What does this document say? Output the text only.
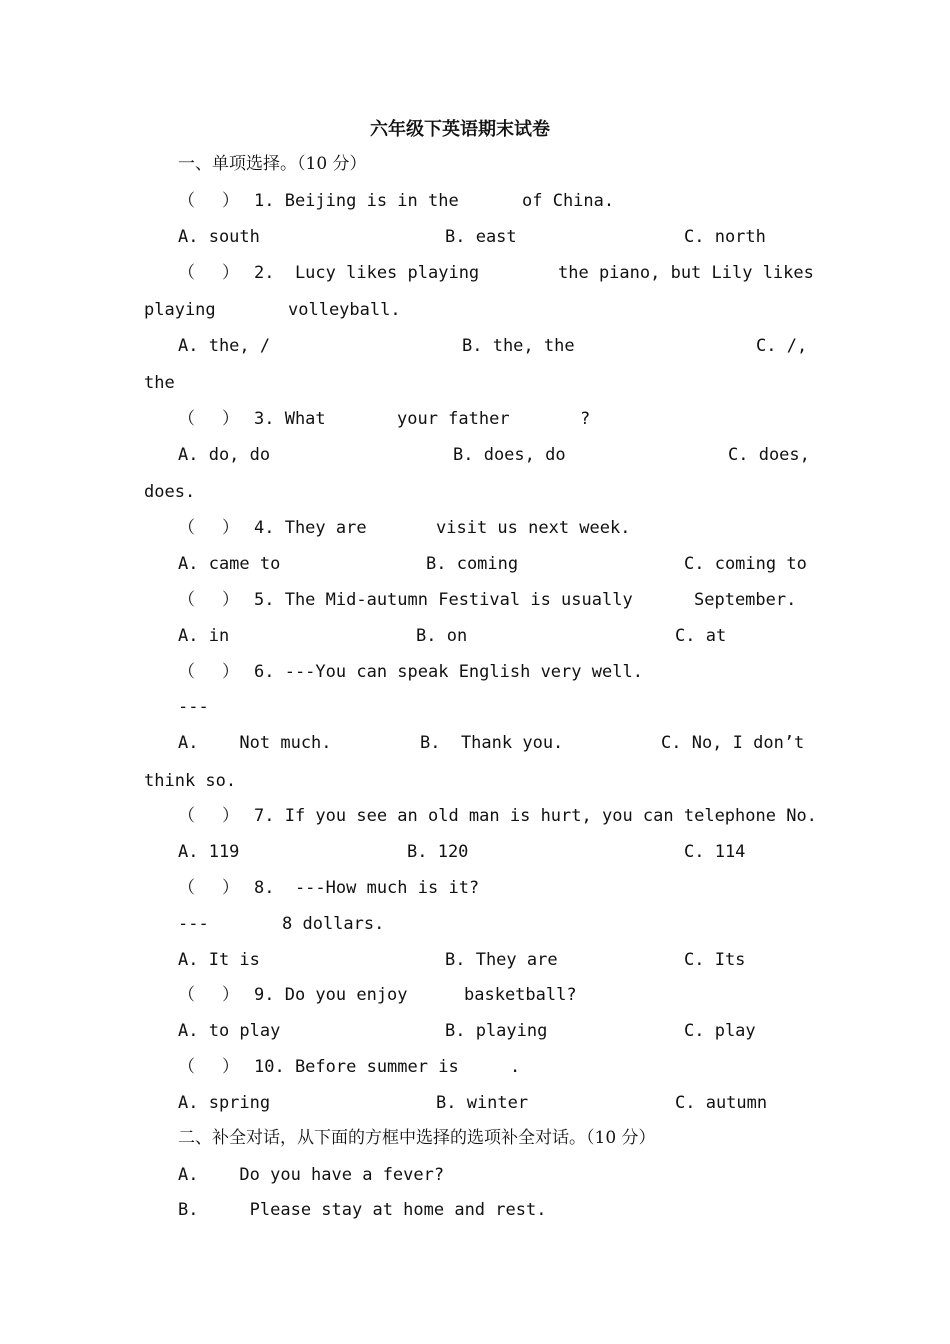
六年级下英语期末试卷
一、单项选择。（10 分）
（     ） 1. Beijing is in the	of China.
A. south	B. east	C. north
（     ） 2.  Lucy likes playing	the piano, but Lily likes
playing	volleyball.
A. the, /	B. the, the	C. /,
the
（     ） 3. What	your father	?
A. do, do	B. does, do	C. does,
does.
（     ） 4. They are	visit us next week.
A. came to	B. coming	C. coming to
（     ） 5. The Mid-autumn Festival is usually	September.
A. in	B. on	C. at
（     ） 6. ---You can speak English very well.
---
A.    Not much.	B.  Thank you.	C. No, I don’t
think so.
（     ） 7. If you see an old man is hurt, you can telephone No.
A. 119	B. 120	C. 114
（     ） 8.  ---How much is it?
---	8 dollars.
A. It is	B. They are	C. Its
（     ） 9. Do you enjoy	basketball?
A. to play	B. playing	C. play
（     ） 10. Before summer is	.
A. spring	B. winter	C. autumn
二、补全对话，从下面的方框中选择的选项补全对话。（10 分）
A.    Do you have a fever?
B.     Please stay at home and rest.
